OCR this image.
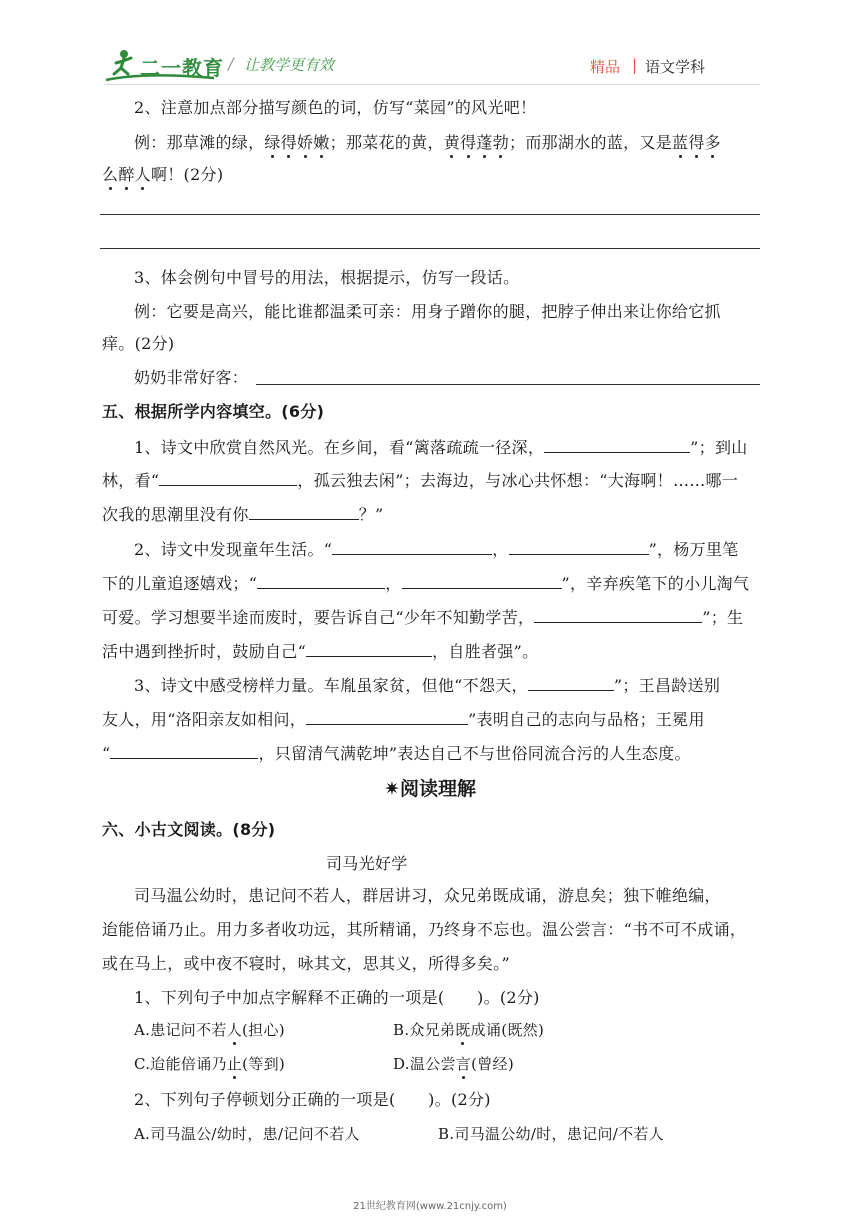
二一教育 / 让教学更有效	精品 | 语文学科
2、注意加点部分描写颜色的词，仿写“菜园”的风光吧！
例：那草滩的绿，绿得娇嫩；那菜花的黄，黄得蓬勃；而那湖水的蓝，又是蓝得多
么醉人啊！(2分)
3、体会例句中冒号的用法，根据提示，仿写一段话。
例：它要是高兴，能比谁都温柔可亲：用身子蹭你的腿，把脖子伸出来让你给它抓
痒。(2分)
奶奶非常好客：
五、根据所学内容填空。(6分)
1、诗文中欣赏自然风光。在乡间，看“篱落疏疏一径深，	”；到山
林，看“	，孤云独去闲”；去海边，与冰心共怀想：“大海啊！……哪一
次我的思潮里没有你	？”
2、诗文中发现童年生活。“	，	”，杨万里笔
下的儿童追逐嬉戏；“	，	”，辛弃疾笔下的小儿淘气
可爱。学习想要半途而废时，要告诉自己“少年不知勤学苦，	”；生
活中遇到挫折时，鼓励自己“	，自胜者强”。
3、诗文中感受榜样力量。车胤虽家贫，但他“不怨天，	”；王昌龄送别
友人，用“洛阳亲友如相问，	”表明自己的志向与品格；王冕用
“	，只留清气满乾坤”表达自己不与世俗同流合污的人生态度。
✷阅读理解
六、小古文阅读。(8分)
司马光好学
司马温公幼时，患记问不若人，群居讲习，众兄弟既成诵，游息矣；独下帷绝编，
迨能倍诵乃止。用力多者收功远，其所精诵，乃终身不忘也。温公尝言：“书不可不成诵，
或在马上，或中夜不寝时，咏其文，思其义，所得多矣。”
1、下列句子中加点字解释不正确的一项是(　　)。(2分)
A.患记问不若人(担心)	B.众兄弟既成诵(既然)
C.迨能倍诵乃止(等到)	D.温公尝言(曾经)
2、下列句子停顿划分正确的一项是(　　)。(2分)
A.司马温公/幼时，患/记问不若人	B.司马温公幼/时，患记问/不若人
21世纪教育网(www.21cnjy.com)
